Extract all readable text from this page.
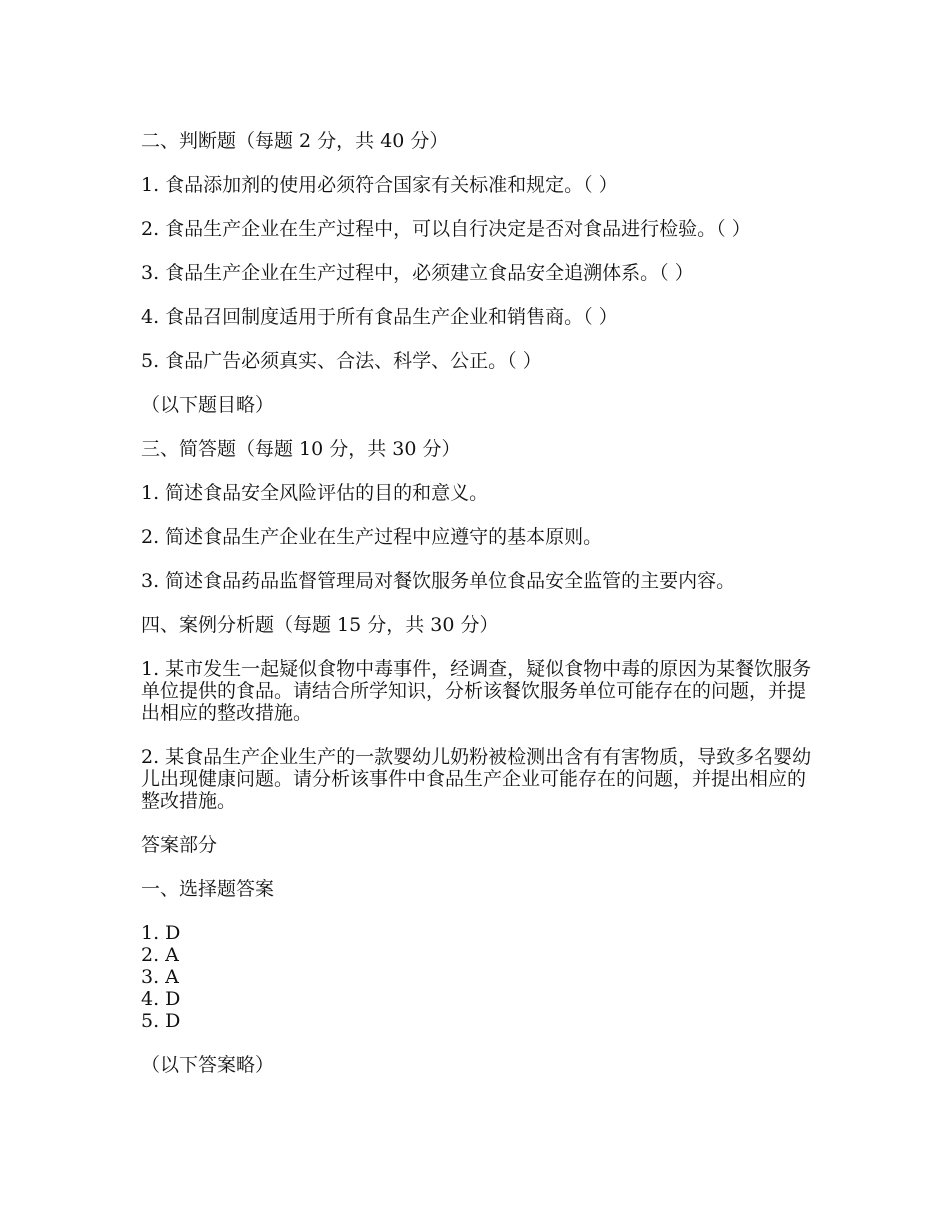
二、判断题（每题 2 分，共 40 分）
1. 食品添加剂的使用必须符合国家有关标准和规定。（ ）
2. 食品生产企业在生产过程中，可以自行决定是否对食品进行检验。（ ）
3. 食品生产企业在生产过程中，必须建立食品安全追溯体系。（ ）
4. 食品召回制度适用于所有食品生产企业和销售商。（ ）
5. 食品广告必须真实、合法、科学、公正。（ ）
（以下题目略）
三、简答题（每题 10 分，共 30 分）
1. 简述食品安全风险评估的目的和意义。
2. 简述食品生产企业在生产过程中应遵守的基本原则。
3. 简述食品药品监督管理局对餐饮服务单位食品安全监管的主要内容。
四、案例分析题（每题 15 分，共 30 分）
1. 某市发生一起疑似食物中毒事件，经调查，疑似食物中毒的原因为某餐饮服务单位提供的食品。请结合所学知识，分析该餐饮服务单位可能存在的问题，并提出相应的整改措施。
2. 某食品生产企业生产的一款婴幼儿奶粉被检测出含有有害物质，导致多名婴幼儿出现健康问题。请分析该事件中食品生产企业可能存在的问题，并提出相应的整改措施。
答案部分
一、选择题答案
1. D
2. A
3. A
4. D
5. D
（以下答案略）
